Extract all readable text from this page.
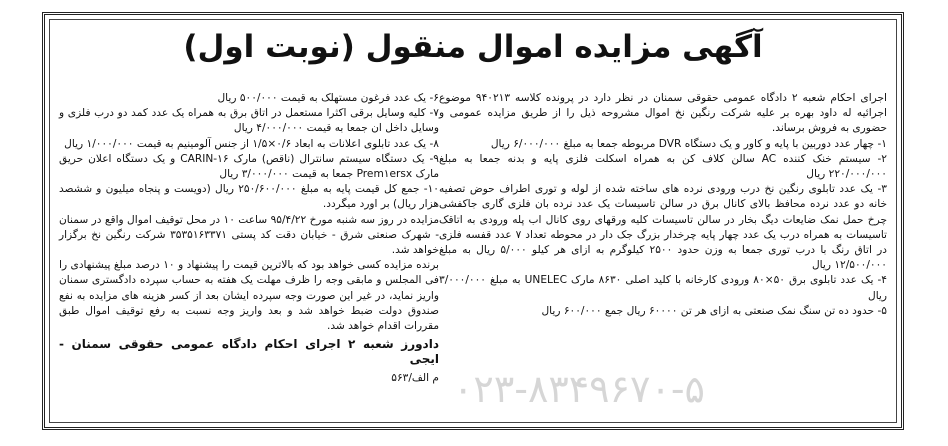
آگهی مزایده اموال منقول (نوبت اول)
۰۲۳-۸۳۴۹۶۷۰-۵

اجرای احکام شعبه ۲ دادگاه عمومی حقوقی سمنان در نظر دارد در پرونده کلاسه ۹۴۰۲۱۳ موضوع اجرائیه له داود بهره بر علیه شرکت رنگین نخ اموال مشروحه ذیل را از طریق مزایده عمومی و حضوری به فروش برساند.

۱- چهار عدد دوربین با پایه و کاور و یک دستگاه DVR مربوطه جمعا به مبلغ ۶/۰۰۰/۰۰۰ ریال

۲- سیستم خنک کننده AC سالن کلاف کن به همراه اسکلت فلزی پایه و بدنه جمعا به مبلغ ۲۲۰/۰۰۰/۰۰۰ ریال

۳- یک عدد تابلوی رنگین نخ درب ورودی نرده های ساخته شده از لوله و توری اطراف حوض تصفیه خانه دو عدد نرده محافظ بالای کانال برق در سالن تاسیسات یک عدد نرده بان فلزی گاری جاکفشی چرخ حمل نمک ضایعات دیگ بخار در سالن تاسیسات کلیه ورقهای روی کانال اب پله ورودی به اتاقک تاسیسات به همراه درب یک عدد چهار پایه چرخدار بزرگ جک دار در محوطه تعداد ۷ عدد قفسه فلزی در اتاق رنگ با درب توری جمعا به وزن حدود ۲۵۰۰ کیلوگرم به ازای هر کیلو ۵/۰۰۰ ریال به مبلغ ۱۲/۵۰۰/۰۰۰ ریال

۴- یک عدد تابلوی برق ۵۰×۸۰ ورودی کارخانه با کلید اصلی ۸۶۳۰ مارک UNELEC به مبلغ ۳/۰۰۰/۰۰۰ ریال

۵- حدود ده تن سنگ نمک صنعتی به ازای هر تن ۶۰۰۰۰ ریال جمع ۶۰۰/۰۰۰ ریال

۶- یک عدد فرغون مستهلک به قیمت ۵۰۰/۰۰۰ ریال

۷- کلیه وسایل برقی اکثرا مستعمل در اتاق برق به همراه یک عدد کمد دو درب فلزی و وسایل داخل ان جمعا به قیمت ۴/۰۰۰/۰۰۰ ریال

۸- یک عدد تابلوی اعلانات به ابعاد ۰/۶×۱/۵ از جنس آلومینیم به قیمت ۱/۰۰۰/۰۰۰ ریال

۹- یک دستگاه سیستم سانترال (ناقص) مارک CARIN-۱۶ و یک دستگاه اعلان حریق مارک Prem۱ersx جمعا به قیمت ۳/۰۰۰/۰۰۰ ریال

۱۰- جمع کل قیمت پایه به مبلغ ۲۵۰/۶۰۰/۰۰۰ ریال (دویست و پنجاه میلیون و ششصد هزار ریال) بر اورد میگردد.

مزایده در روز سه شنبه مورخ ۹۵/۴/۲۲ ساعت ۱۰ در محل توقیف اموال واقع در سمنان - شهرک صنعتی شرق - خیابان دقت کد پستی ۳۵۳۵۱۶۳۳۷۱ شرکت رنگین نخ برگزار خواهد شد.

برنده مزایده کسی خواهد بود که بالاترین قیمت را پیشنهاد و ۱۰ درصد مبلغ پیشنهادی را فی المجلس و مابقی وجه را ظرف مهلت یک هفته به حساب سپرده دادگستری سمنان واریز نماید، در غیر این صورت وجه سپرده ایشان بعد از کسر هزینه های مزایده به نفع صندوق دولت ضبط خواهد شد و بعد واریز وجه نسبت به رفع توقیف اموال طبق مقررات اقدام خواهد شد.

دادورز شعبه ۲ اجرای احکام دادگاه عمومی حقوقی سمنان - ایجی

م الف/۵۶۳
